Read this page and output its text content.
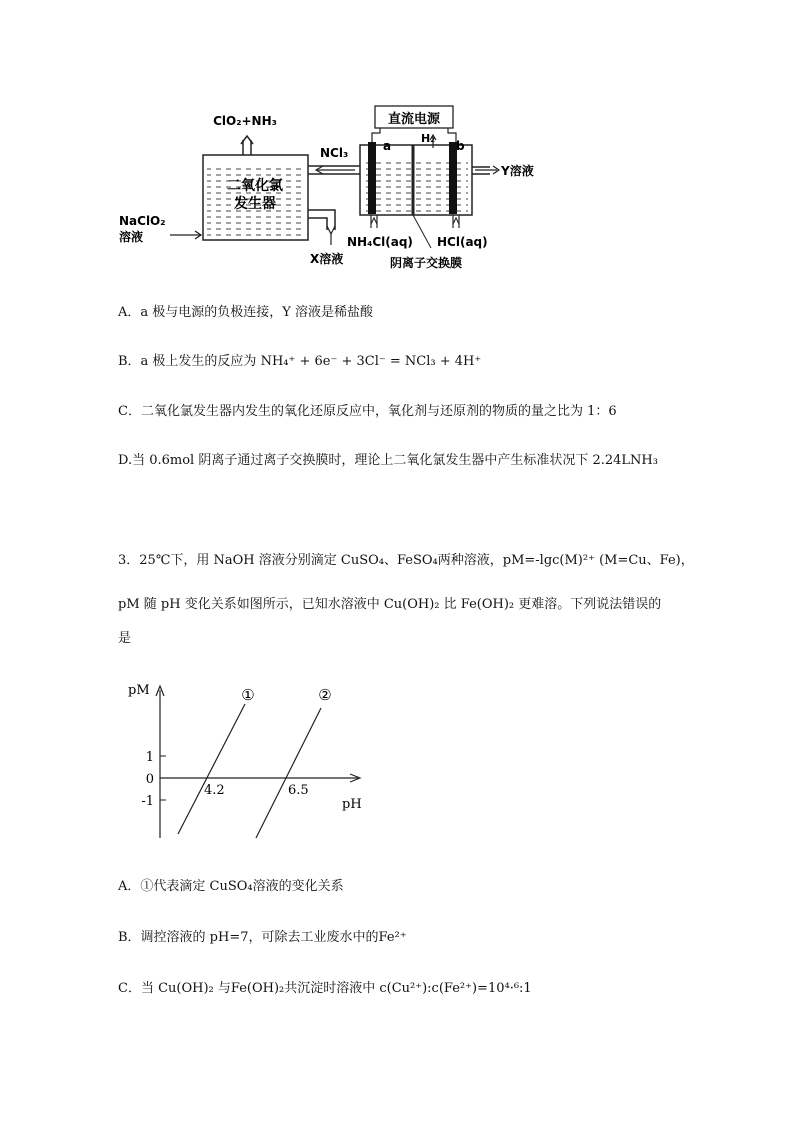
二氧化氯
发生器
ClO₂+NH₃
NaClO₂
溶液
X溶液
NCl₃
直流电源
a	b
H₂
Y溶液
NH₄Cl(aq) HCl(aq)
阴离子交换膜
A．a 极与电源的负极连接，Y 溶液是稀盐酸
B．a 极上发生的反应为 NH₄⁺ + 6e⁻ + 3Cl⁻ = NCl₃ + 4H⁺
C．二氧化氯发生器内发生的氧化还原反应中，氧化剂与还原剂的物质的量之比为 1：6
D.当 0.6mol 阴离子通过离子交换膜时，理论上二氧化氯发生器中产生标准状况下 2.24LNH₃
3．25℃下，用 NaOH 溶液分别滴定 CuSO₄、FeSO₄两种溶液，pM=-lgc(M)²⁺ (M=Cu、Fe)，
pM 随 pH 变化关系如图所示，已知水溶液中 Cu(OH)₂ 比 Fe(OH)₂ 更难溶。下列说法错误的
是
pM
pH
1
0
-1
①	②
4.2	6.5
A．①代表滴定 CuSO₄溶液的变化关系
B．调控溶液的 pH=7，可除去工业废水中的Fe²⁺
C．当 Cu(OH)₂ 与Fe(OH)₂共沉淀时溶液中 c(Cu²⁺):c(Fe²⁺)=10⁴·⁶:1
